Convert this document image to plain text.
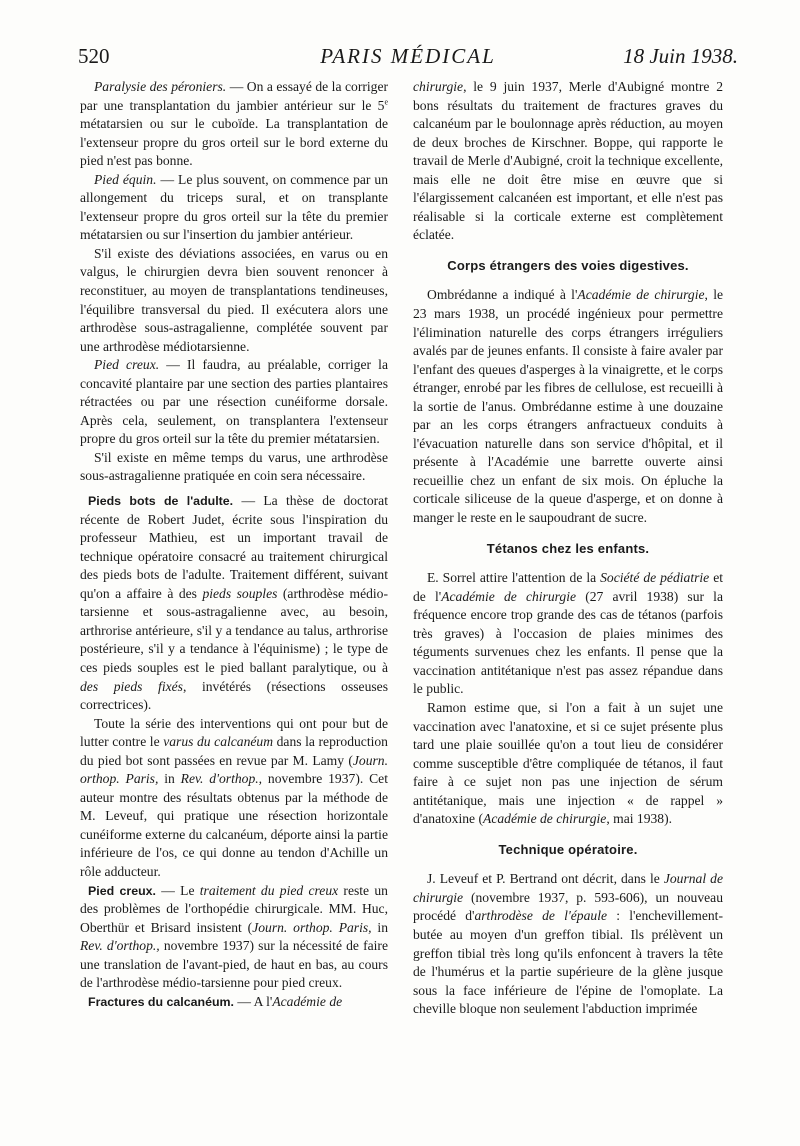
520	PARIS MÉDICAL	18 Juin 1938.

Paralysie des péroniers. — On a essayé de la corriger par une transplantation du jambier antérieur sur le 5e métatarsien ou sur le cuboïde. La transplantation de l'extenseur propre du gros orteil sur le bord externe du pied n'est pas bonne.

Pied équin. — Le plus souvent, on commence par un allongement du triceps sural, et on transplante l'extenseur propre du gros orteil sur la tête du premier métatarsien ou sur l'insertion du jambier antérieur.

S'il existe des déviations associées, en varus ou en valgus, le chirurgien devra bien souvent renoncer à reconstituer, au moyen de transplantations tendineuses, l'équilibre transversal du pied. Il exécutera alors une arthrodèse sous-astragalienne, complétée souvent par une arthrodèse médiotarsienne.

Pied creux. — Il faudra, au préalable, corriger la concavité plantaire par une section des parties plantaires rétractées ou par une résection cunéiforme dorsale. Après cela, seulement, on transplantera l'extenseur propre du gros orteil sur la tête du premier métatarsien.

S'il existe en même temps du varus, une arthrodèse sous-astragalienne pratiquée en coin sera nécessaire.

Pieds bots de l'adulte. — La thèse de doctorat récente de Robert Judet, écrite sous l'inspiration du professeur Mathieu, est un important travail de technique opératoire consacré au traitement chirurgical des pieds bots de l'adulte. Traitement différent, suivant qu'on a affaire à des pieds souples (arthrodèse médio-tarsienne et sous-astragalienne avec, au besoin, arthrorise antérieure, s'il y a tendance au talus, arthrorise postérieure, s'il y a tendance à l'équinisme) ; le type de ces pieds souples est le pied ballant paralytique, ou à des pieds fixés, invétérés (résections osseuses correctrices).

Toute la série des interventions qui ont pour but de lutter contre le varus du calcanéum dans la reproduction du pied bot sont passées en revue par M. Lamy (Journ. orthop. Paris, in Rev. d'orthop., novembre 1937). Cet auteur montre des résultats obtenus par la méthode de M. Leveuf, qui pratique une résection horizontale cunéiforme externe du calcanéum, déporte ainsi la partie inférieure de l'os, ce qui donne au tendon d'Achille un rôle adducteur.

Pied creux. — Le traitement du pied creux reste un des problèmes de l'orthopédie chirurgicale. MM. Huc, Oberthür et Brisard insistent (Journ. orthop. Paris, in Rev. d'orthop., novembre 1937) sur la nécessité de faire une translation de l'avant-pied, de haut en bas, au cours de l'arthrodèse médio-tarsienne pour pied creux.

Fractures du calcanéum. — A l'Académie de

chirurgie, le 9 juin 1937, Merle d'Aubigné montre 2 bons résultats du traitement de fractures graves du calcanéum par le boulonnage après réduction, au moyen de deux broches de Kirschner. Boppe, qui rapporte le travail de Merle d'Aubigné, croit la technique excellente, mais elle ne doit être mise en œuvre que si l'élargissement calcanéen est important, et elle n'est pas réalisable si la corticale externe est complètement éclatée.

Corps étrangers des voies digestives.

Ombrédanne a indiqué à l'Académie de chirurgie, le 23 mars 1938, un procédé ingénieux pour permettre l'élimination naturelle des corps étrangers irréguliers avalés par de jeunes enfants. Il consiste à faire avaler par l'enfant des queues d'asperges à la vinaigrette, et le corps étranger, enrobé par les fibres de cellulose, est recueilli à la sortie de l'anus. Ombrédanne estime à une douzaine par an les corps étrangers anfractueux conduits à l'évacuation naturelle dans son service d'hôpital, et il présente à l'Académie une barrette ouverte ainsi recueillie chez un enfant de six mois. On épluche la corticale siliceuse de la queue d'asperge, et on donne à manger le reste en le saupoudrant de sucre.

Tétanos chez les enfants.

E. Sorrel attire l'attention de la Société de pédiatrie et de l'Académie de chirurgie (27 avril 1938) sur la fréquence encore trop grande des cas de tétanos (parfois très graves) à l'occasion de plaies minimes des téguments survenues chez les enfants. Il pense que la vaccination antitétanique n'est pas assez répandue dans le public.

Ramon estime que, si l'on a fait à un sujet une vaccination avec l'anatoxine, et si ce sujet présente plus tard une plaie souillée qu'on a tout lieu de considérer comme susceptible d'être compliquée de tétanos, il faut faire à ce sujet non pas une injection de sérum antitétanique, mais une injection « de rappel » d'anatoxine (Académie de chirurgie, mai 1938).

Technique opératoire.

J. Leveuf et P. Bertrand ont décrit, dans le Journal de chirurgie (novembre 1937, p. 593-606), un nouveau procédé d'arthrodèse de l'épaule : l'enchevillement-butée au moyen d'un greffon tibial. Ils prélèvent un greffon tibial très long qu'ils enfoncent à travers la tête de l'humérus et la partie supérieure de la glène jusque sous la face inférieure de l'épine de l'omoplate. La cheville bloque non seulement l'abduction imprimée
